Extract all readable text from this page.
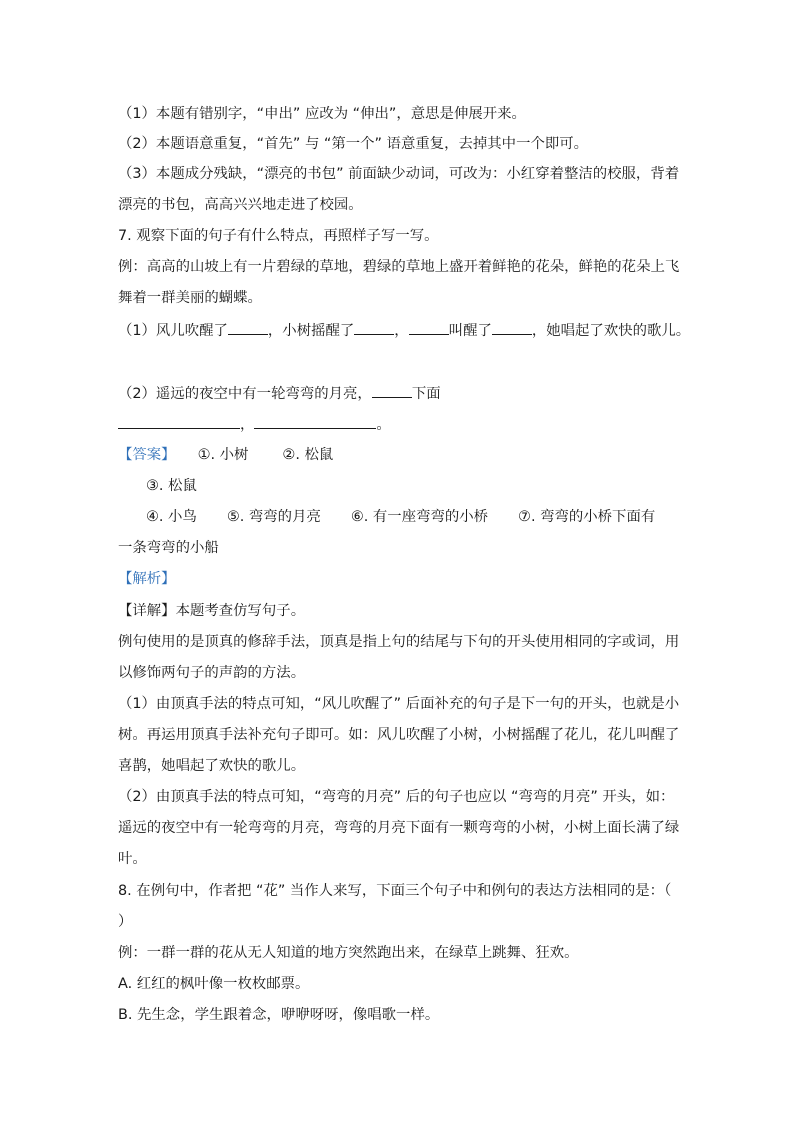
（1）本题有错别字，“申出” 应改为 “伸出”，意思是伸展开来。
（2）本题语意重复，“首先” 与 “第一个” 语意重复，去掉其中一个即可。
（3）本题成分残缺，“漂亮的书包” 前面缺少动词，可改为：小红穿着整洁的校服，背着
漂亮的书包，高高兴兴地走进了校园。
7. 观察下面的句子有什么特点，再照样子写一写。
例：高高的山坡上有一片碧绿的草地，碧绿的草地上盛开着鲜艳的花朵，鲜艳的花朵上飞
舞着一群美丽的蝴蝶。
（1）风儿吹醒了	，小树摇醒了	，	叫醒了	，她唱起了欢快的歌儿。
（2）遥远的夜空中有一轮弯弯的月亮，	下面
，	。
【答案】 ①. 小树 ②. 松鼠
③. 松鼠
④. 小鸟 ⑤. 弯弯的月亮 ⑥. 有一座弯弯的小桥 ⑦. 弯弯的小桥下面有
一条弯弯的小船
【解析】
【详解】本题考查仿写句子。
例句使用的是顶真的修辞手法，顶真是指上句的结尾与下句的开头使用相同的字或词，用
以修饰两句子的声韵的方法。
（1）由顶真手法的特点可知，“风儿吹醒了” 后面补充的句子是下一句的开头，也就是小
树。再运用顶真手法补充句子即可。如：风儿吹醒了小树，小树摇醒了花儿，花儿叫醒了
喜鹊，她唱起了欢快的歌儿。
（2）由顶真手法的特点可知，“弯弯的月亮” 后的句子也应以 “弯弯的月亮” 开头，如：
遥远的夜空中有一轮弯弯的月亮，弯弯的月亮下面有一颗弯弯的小树，小树上面长满了绿
叶。
8. 在例句中，作者把 “花” 当作人来写，下面三个句子中和例句的表达方法相同的是：（
）
例：一群一群的花从无人知道的地方突然跑出来，在绿草上跳舞、狂欢。
A. 红红的枫叶像一枚枚邮票。
B. 先生念，学生跟着念，咿咿呀呀，像唱歌一样。
